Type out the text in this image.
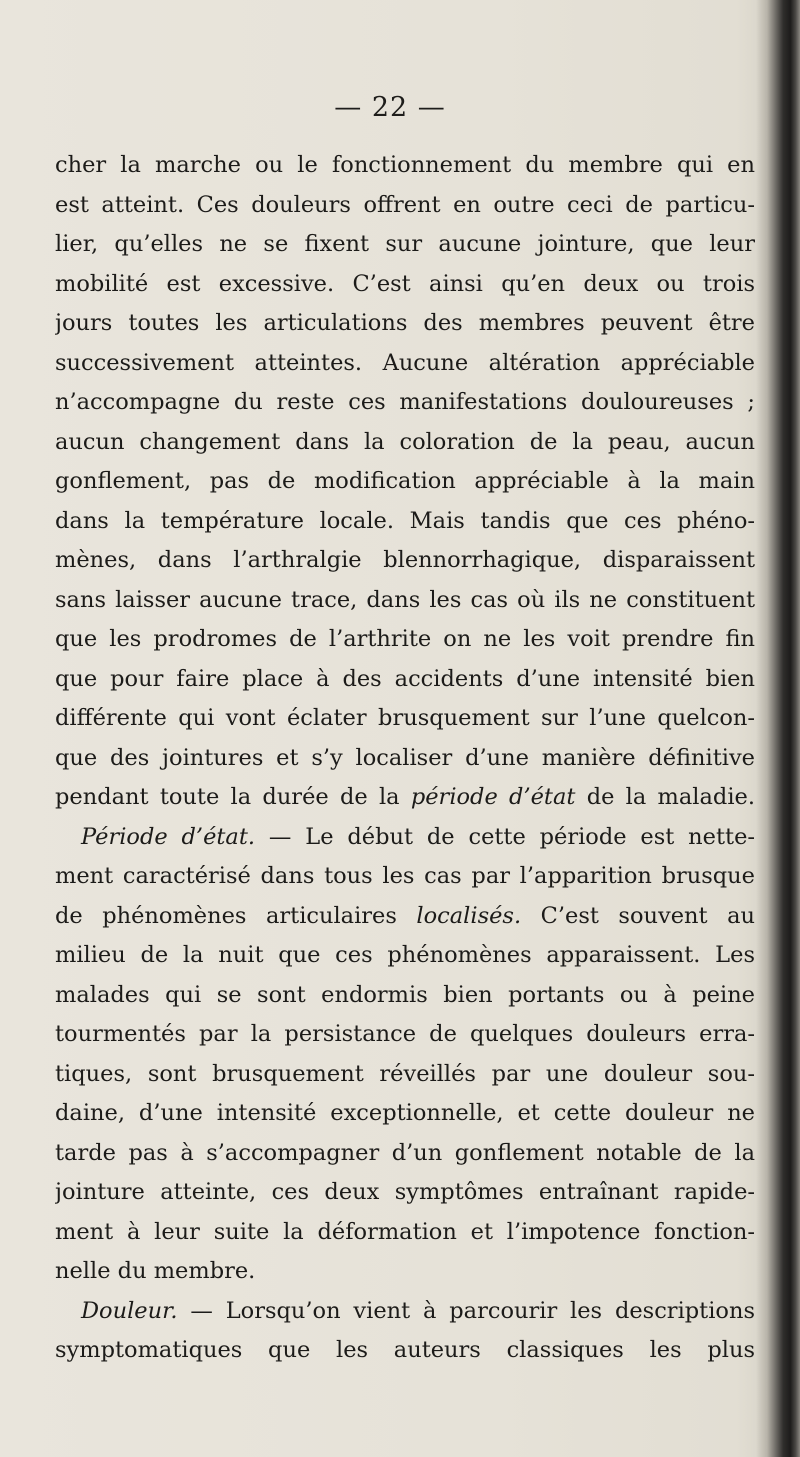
— 22 —
cher la marche ou le fonctionnement du membre qui en
est atteint. Ces douleurs offrent en outre ceci de particu-
lier, qu’elles ne se fixent sur aucune jointure, que leur
mobilité est excessive. C’est ainsi qu’en deux ou trois
jours toutes les articulations des membres peuvent être
successivement atteintes. Aucune altération appréciable
n’accompagne du reste ces manifestations douloureuses ;
aucun changement dans la coloration de la peau, aucun
gonflement, pas de modification appréciable à la main
dans la température locale. Mais tandis que ces phéno-
mènes, dans l’arthralgie blennorrhagique, disparaissent
sans laisser aucune trace, dans les cas où ils ne constituent
que les prodromes de l’arthrite on ne les voit prendre fin
que pour faire place à des accidents d’une intensité bien
différente qui vont éclater brusquement sur l’une quelcon-
que des jointures et s’y localiser d’une manière définitive
pendant toute la durée de la période d’état de la maladie.
Période d’état. — Le début de cette période est nette-
ment caractérisé dans tous les cas par l’apparition brusque
de phénomènes articulaires localisés. C’est souvent au
milieu de la nuit que ces phénomènes apparaissent. Les
malades qui se sont endormis bien portants ou à peine
tourmentés par la persistance de quelques douleurs erra-
tiques, sont brusquement réveillés par une douleur sou-
daine, d’une intensité exceptionnelle, et cette douleur ne
tarde pas à s’accompagner d’un gonflement notable de la
jointure atteinte, ces deux symptômes entraînant rapide-
ment à leur suite la déformation et l’impotence fonction-
nelle du membre.
Douleur. — Lorsqu’on vient à parcourir les descriptions
symptomatiques que les auteurs classiques les plus
